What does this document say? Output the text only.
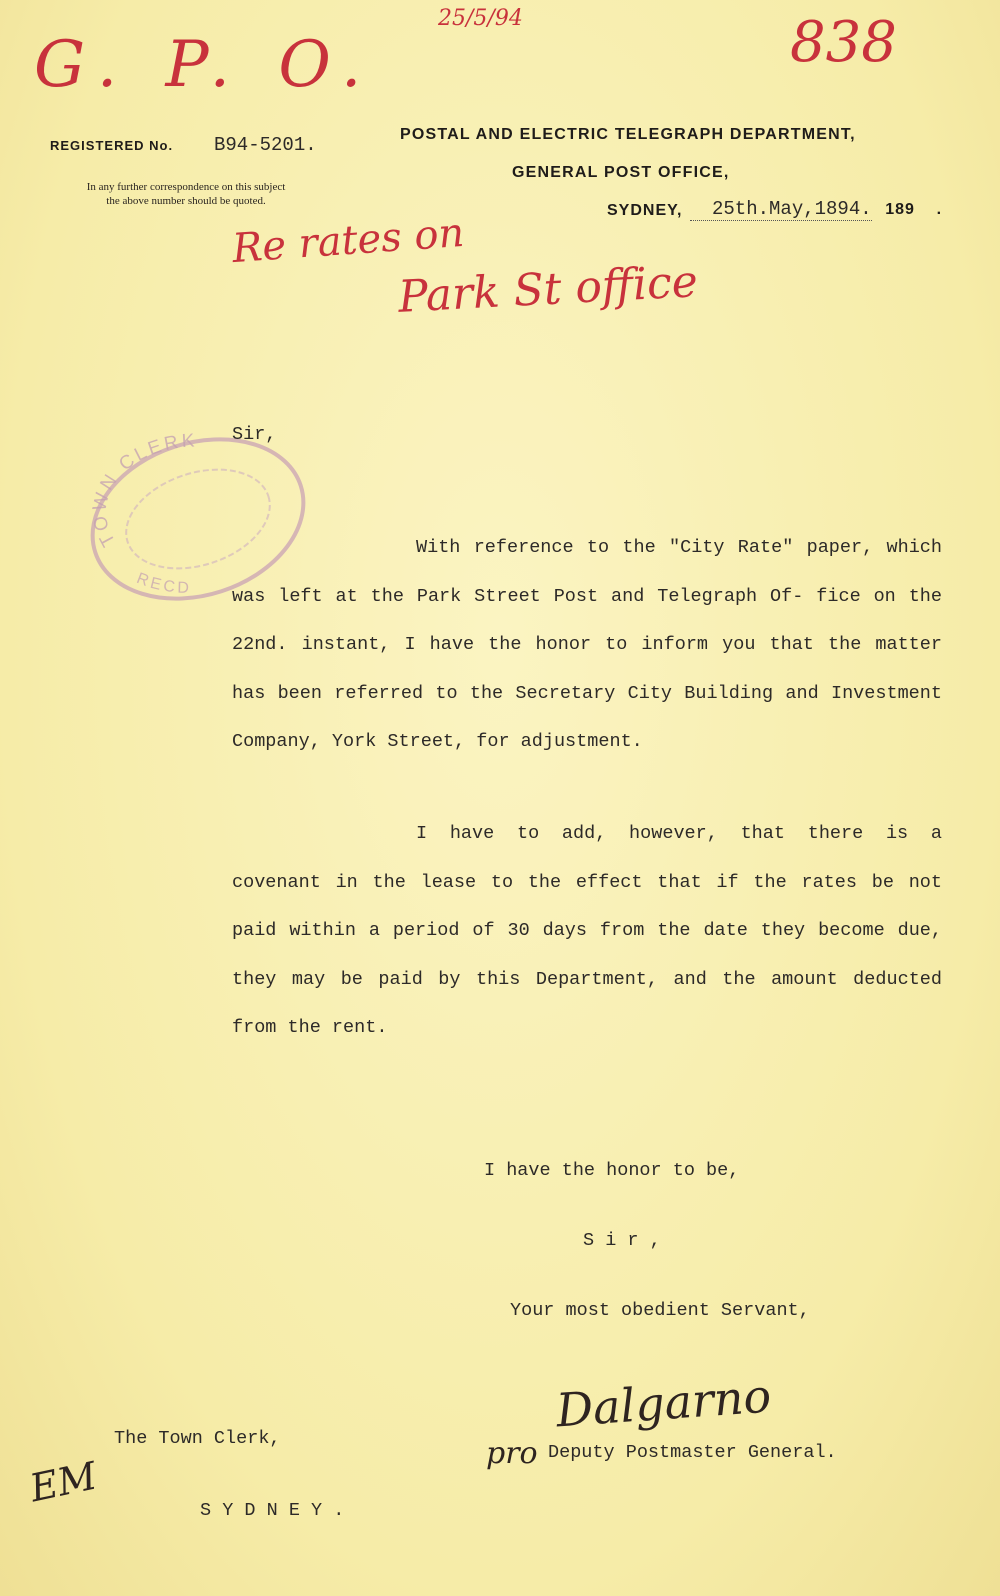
G. P. O.
25/5/94	838
Re rates on
Park St office
REGISTERED No. B94-5201.
In any further correspondence on this subject
the above number should be quoted.
POSTAL AND ELECTRIC TELEGRAPH DEPARTMENT,
GENERAL POST OFFICE,
SYDNEY,	25th.May,1894. 189 .
TOWN CLERK
RECD
Sir,
With reference to the "City Rate" paper, which was left at the Park Street Post and Telegraph Of- fice on the 22nd. instant, I have the honor to inform you that the matter has been referred to the Secretary City Building and Investment Company, York Street, for adjustment.
I have to add, however, that there is a covenant in the lease to the effect that if the rates be not paid within a period of 30 days from the date they become due, they may be paid by this Department, and the amount deducted from the rent.
I have the honor to be,
S i r ,
Your most obedient Servant,
Dalgarno
pro Deputy Postmaster General.
The Town Clerk,
S Y D N E Y .
EM
